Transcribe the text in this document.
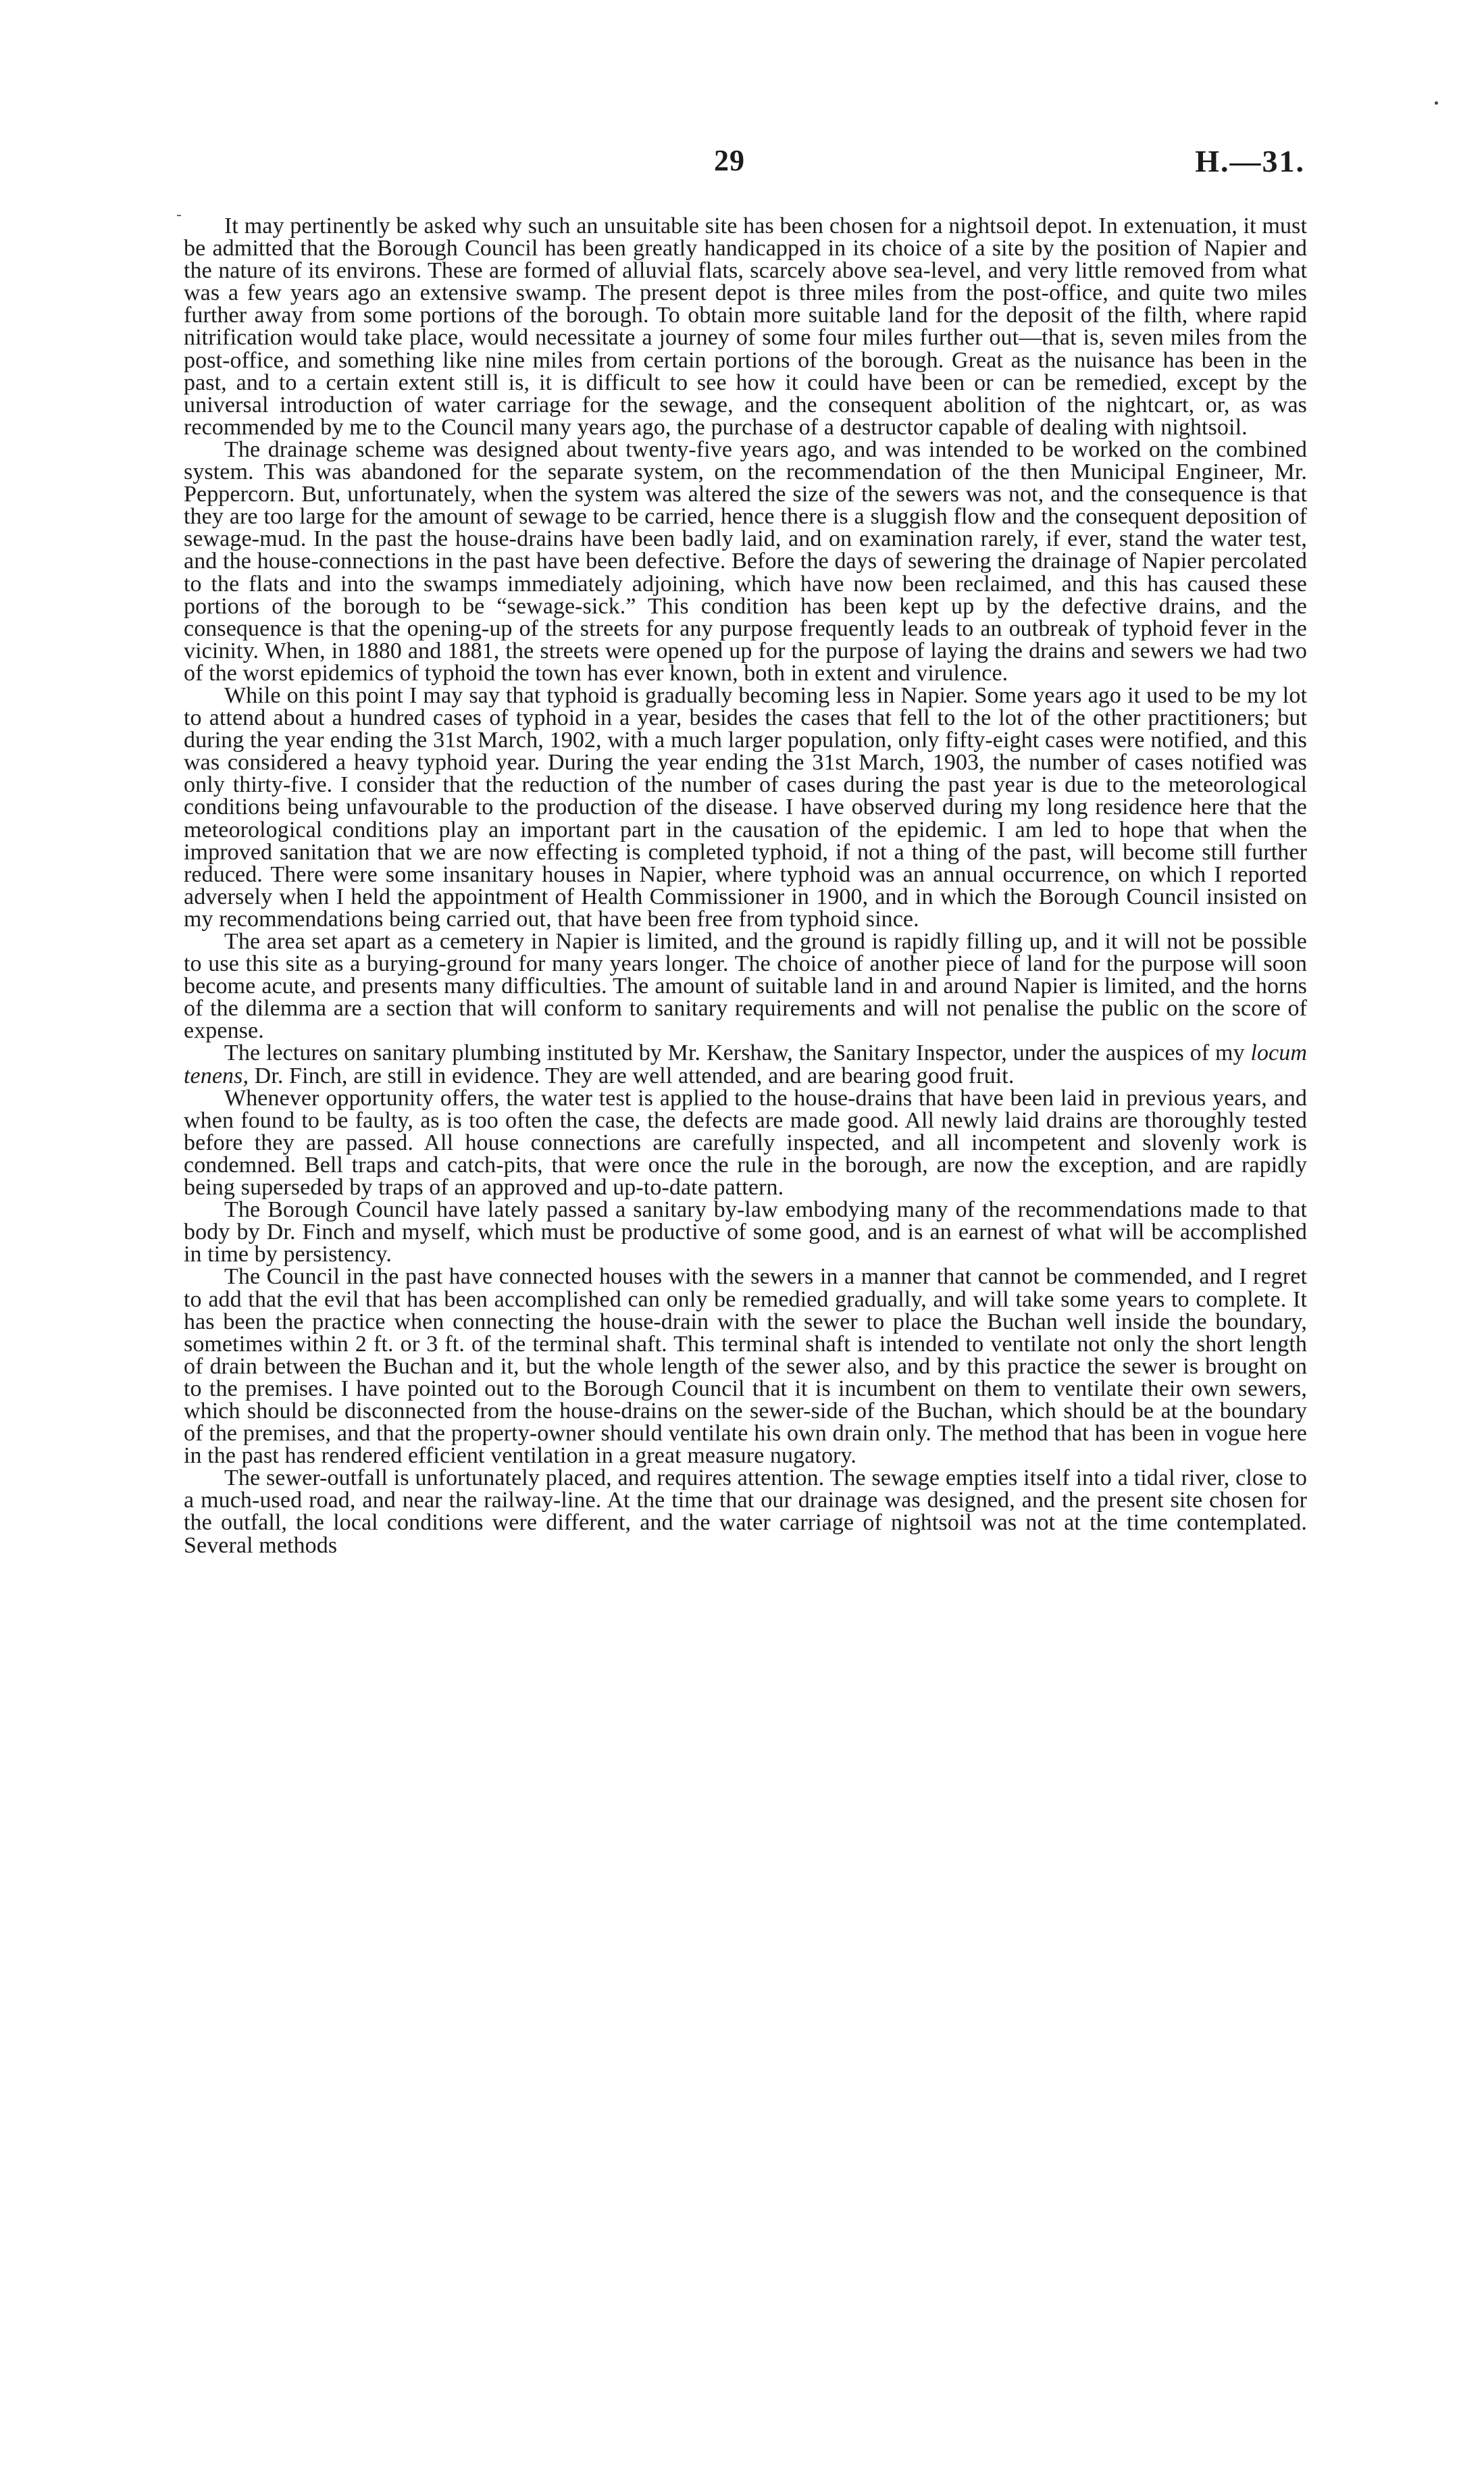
29	H.—31.

It may pertinently be asked why such an unsuitable site has been chosen for a nightsoil depot. In extenuation, it must be admitted that the Borough Council has been greatly handicapped in its choice of a site by the position of Napier and the nature of its environs. These are formed of alluvial flats, scarcely above sea-level, and very little removed from what was a few years ago an extensive swamp. The present depot is three miles from the post-office, and quite two miles further away from some portions of the borough. To obtain more suitable land for the deposit of the filth, where rapid nitrification would take place, would necessitate a journey of some four miles further out—that is, seven miles from the post-office, and something like nine miles from certain portions of the borough. Great as the nuisance has been in the past, and to a certain extent still is, it is difficult to see how it could have been or can be remedied, except by the universal introduction of water carriage for the sewage, and the consequent abolition of the nightcart, or, as was recommended by me to the Council many years ago, the purchase of a destructor capable of dealing with nightsoil.

The drainage scheme was designed about twenty-five years ago, and was intended to be worked on the combined system. This was abandoned for the separate system, on the recommendation of the then Municipal Engineer, Mr. Peppercorn. But, unfortunately, when the system was altered the size of the sewers was not, and the consequence is that they are too large for the amount of sewage to be carried, hence there is a sluggish flow and the consequent deposition of sewage-mud. In the past the house-drains have been badly laid, and on examination rarely, if ever, stand the water test, and the house-connections in the past have been defective. Before the days of sewering the drainage of Napier percolated to the flats and into the swamps immediately adjoining, which have now been reclaimed, and this has caused these portions of the borough to be “sewage-sick.” This condition has been kept up by the defective drains, and the consequence is that the opening-up of the streets for any purpose frequently leads to an outbreak of typhoid fever in the vicinity. When, in 1880 and 1881, the streets were opened up for the purpose of laying the drains and sewers we had two of the worst epidemics of typhoid the town has ever known, both in extent and virulence.

While on this point I may say that typhoid is gradually becoming less in Napier. Some years ago it used to be my lot to attend about a hundred cases of typhoid in a year, besides the cases that fell to the lot of the other practitioners; but during the year ending the 31st March, 1902, with a much larger population, only fifty-eight cases were notified, and this was considered a heavy typhoid year. During the year ending the 31st March, 1903, the number of cases notified was only thirty-five. I consider that the reduction of the number of cases during the past year is due to the meteorological conditions being unfavourable to the production of the disease. I have observed during my long residence here that the meteorological conditions play an important part in the causation of the epidemic. I am led to hope that when the improved sanitation that we are now effecting is completed typhoid, if not a thing of the past, will become still further reduced. There were some insanitary houses in Napier, where typhoid was an annual occurrence, on which I reported adversely when I held the appointment of Health Commissioner in 1900, and in which the Borough Council insisted on my recommendations being carried out, that have been free from typhoid since.

The area set apart as a cemetery in Napier is limited, and the ground is rapidly filling up, and it will not be possible to use this site as a burying-ground for many years longer. The choice of another piece of land for the purpose will soon become acute, and presents many difficulties. The amount of suitable land in and around Napier is limited, and the horns of the dilemma are a section that will conform to sanitary requirements and will not penalise the public on the score of expense.

The lectures on sanitary plumbing instituted by Mr. Kershaw, the Sanitary Inspector, under the auspices of my locum tenens, Dr. Finch, are still in evidence. They are well attended, and are bearing good fruit.

Whenever opportunity offers, the water test is applied to the house-drains that have been laid in previous years, and when found to be faulty, as is too often the case, the defects are made good. All newly laid drains are thoroughly tested before they are passed. All house connections are carefully inspected, and all incompetent and slovenly work is condemned. Bell traps and catch-pits, that were once the rule in the borough, are now the exception, and are rapidly being superseded by traps of an approved and up-to-date pattern.

The Borough Council have lately passed a sanitary by-law embodying many of the recommendations made to that body by Dr. Finch and myself, which must be productive of some good, and is an earnest of what will be accomplished in time by persistency.

The Council in the past have connected houses with the sewers in a manner that cannot be commended, and I regret to add that the evil that has been accomplished can only be remedied gradually, and will take some years to complete. It has been the practice when connecting the house-drain with the sewer to place the Buchan well inside the boundary, sometimes within 2 ft. or 3 ft. of the terminal shaft. This terminal shaft is intended to ventilate not only the short length of drain between the Buchan and it, but the whole length of the sewer also, and by this practice the sewer is brought on to the premises. I have pointed out to the Borough Council that it is incumbent on them to ventilate their own sewers, which should be disconnected from the house-drains on the sewer-side of the Buchan, which should be at the boundary of the premises, and that the property-owner should ventilate his own drain only. The method that has been in vogue here in the past has rendered efficient ventilation in a great measure nugatory.

The sewer-outfall is unfortunately placed, and requires attention. The sewage empties itself into a tidal river, close to a much-used road, and near the railway-line. At the time that our drainage was designed, and the present site chosen for the outfall, the local conditions were different, and the water carriage of nightsoil was not at the time contemplated. Several methods
